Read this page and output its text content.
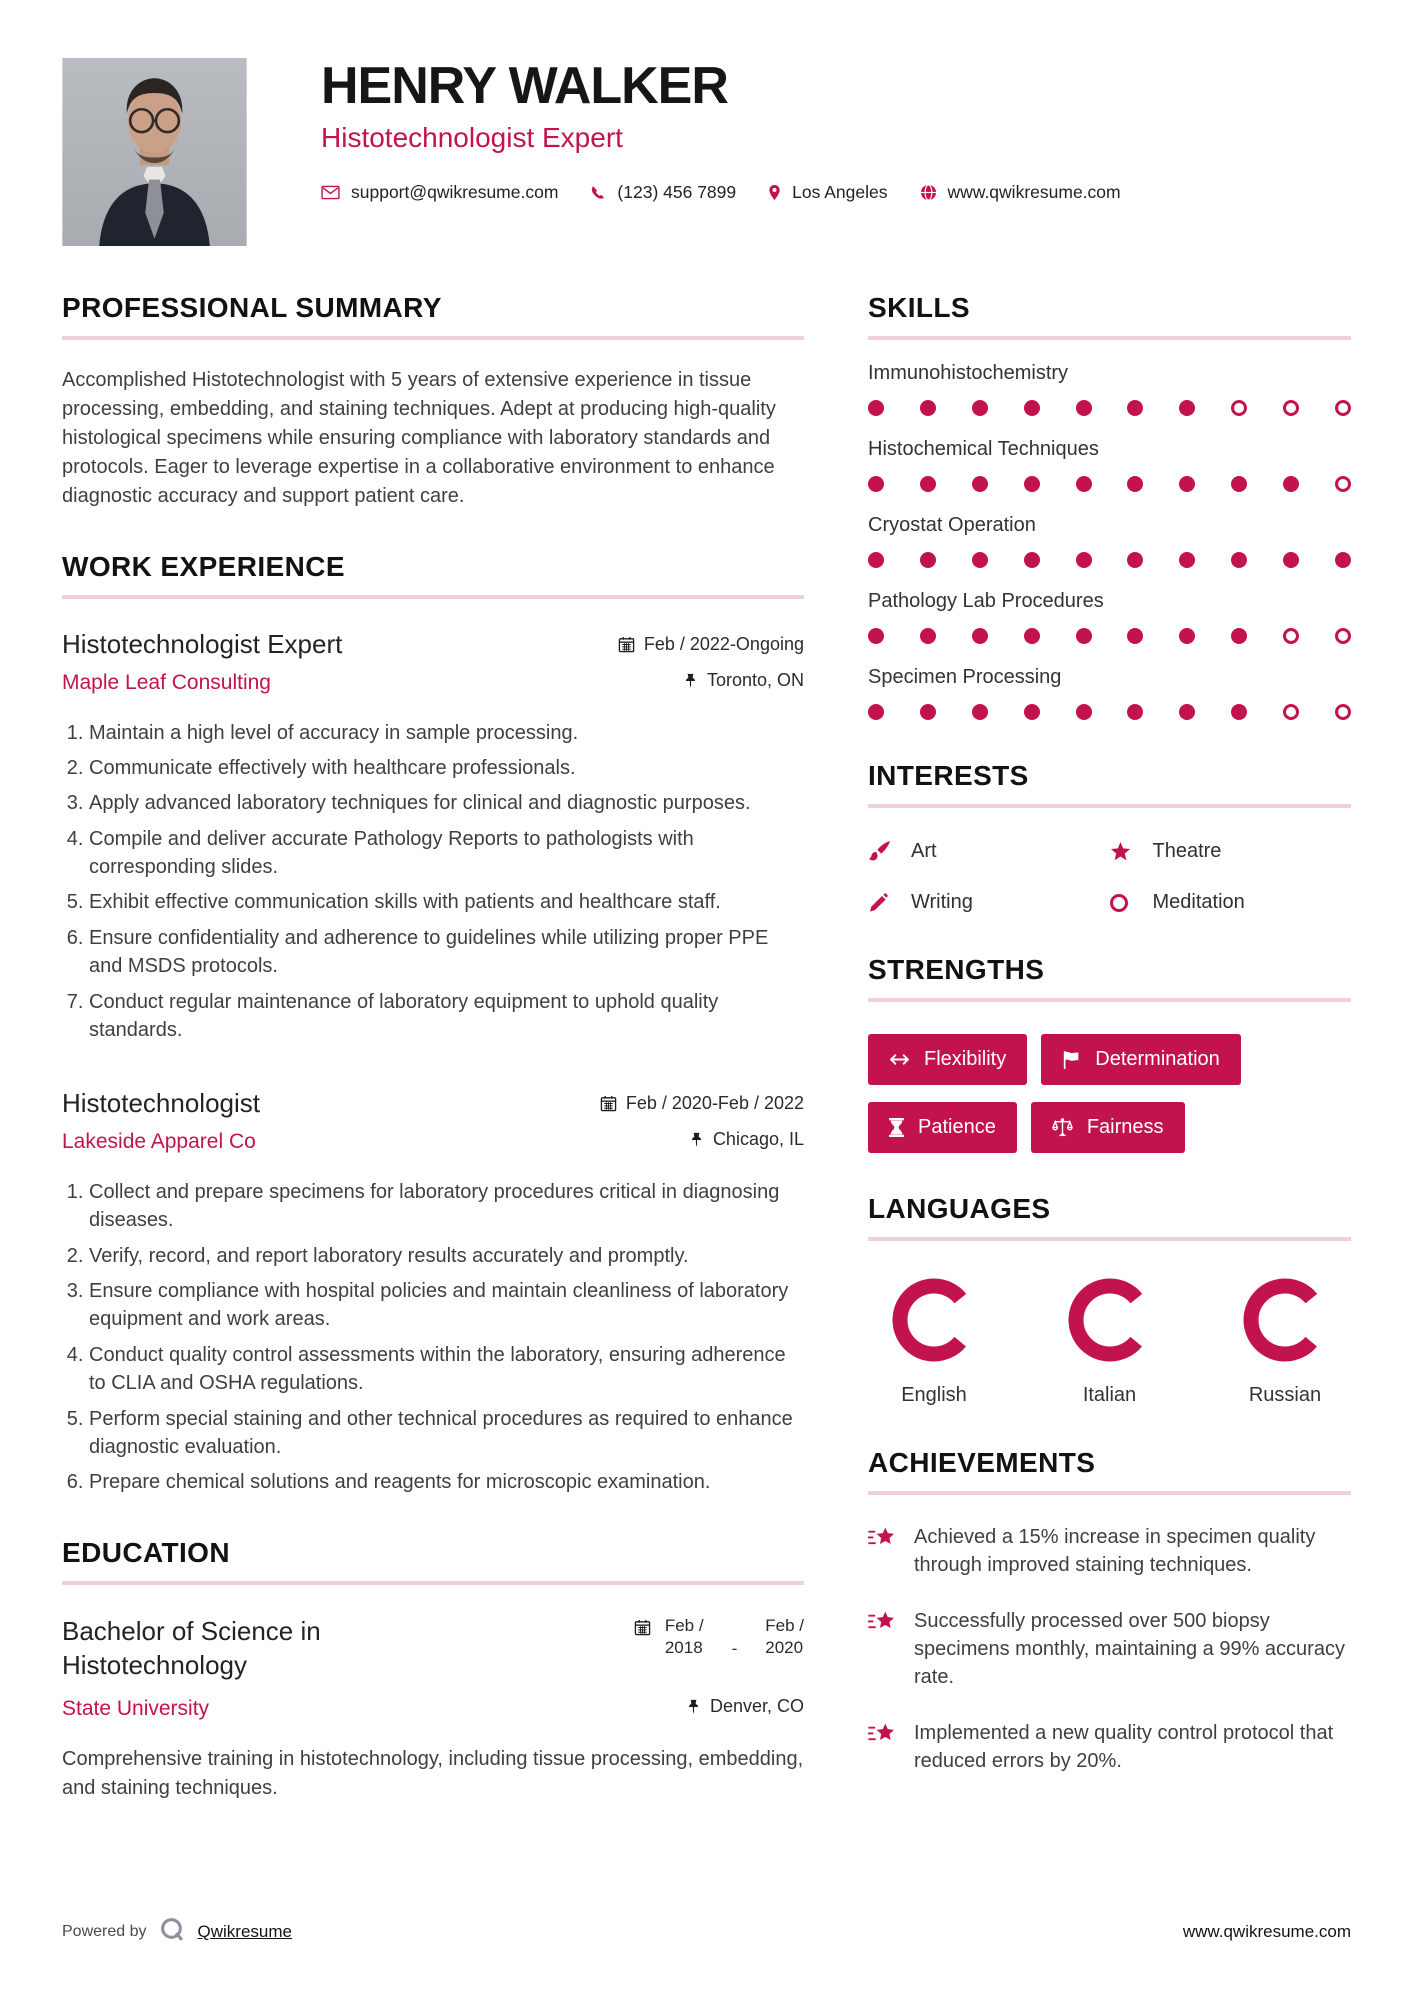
HENRY WALKER
Histotechnologist Expert
support@qwikresume.com	(123) 456 7899	Los Angeles	www.qwikresume.com
PROFESSIONAL SUMMARY

Accomplished Histotechnologist with 5 years of extensive experience in tissue processing, embedding, and staining techniques. Adept at producing high-quality histological specimens while ensuring compliance with laboratory standards and protocols. Eager to leverage expertise in a collaborative environment to enhance diagnostic accuracy and support patient care.

WORK EXPERIENCE
Histotechnologist Expert	Feb / 2022-Ongoing
Maple Leaf Consulting	Toronto, ON
1. Maintain a high level of accuracy in sample processing.
2. Communicate effectively with healthcare professionals.
3. Apply advanced laboratory techniques for clinical and diagnostic purposes.
4. Compile and deliver accurate Pathology Reports to pathologists with corresponding slides.
5. Exhibit effective communication skills with patients and healthcare staff.
6. Ensure confidentiality and adherence to guidelines while utilizing proper PPE and MSDS protocols.
7. Conduct regular maintenance of laboratory equipment to uphold quality standards.
Histotechnologist	Feb / 2020-Feb / 2022
Lakeside Apparel Co	Chicago, IL
1. Collect and prepare specimens for laboratory procedures critical in diagnosing diseases.
2. Verify, record, and report laboratory results accurately and promptly.
3. Ensure compliance with hospital policies and maintain cleanliness of laboratory equipment and work areas.
4. Conduct quality control assessments within the laboratory, ensuring adherence to CLIA and OSHA regulations.
5. Perform special staining and other technical procedures as required to enhance diagnostic evaluation.
6. Prepare chemical solutions and reagents for microscopic examination.
EDUCATION
Bachelor of Science in Histotechnology
Feb /
2018	-
Feb /
2020
State University	Denver, CO

Comprehensive training in histotechnology, including tissue processing, embedding, and staining techniques.

SKILLS
Immunohistochemistry
Histochemical Techniques
Cryostat Operation
Pathology Lab Procedures
Specimen Processing
INTERESTS
Art	Theatre
Writing	Meditation
STRENGTHS
Flexibility	Determination
Patience	Fairness
LANGUAGES
English	Italian	Russian
ACHIEVEMENTS
Achieved a 15% increase in specimen quality through improved staining techniques.
Successfully processed over 500 biopsy specimens monthly, maintaining a 99% accuracy rate.
Implemented a new quality control protocol that reduced errors by 20%.
Powered by	Qwikresume	www.qwikresume.com
